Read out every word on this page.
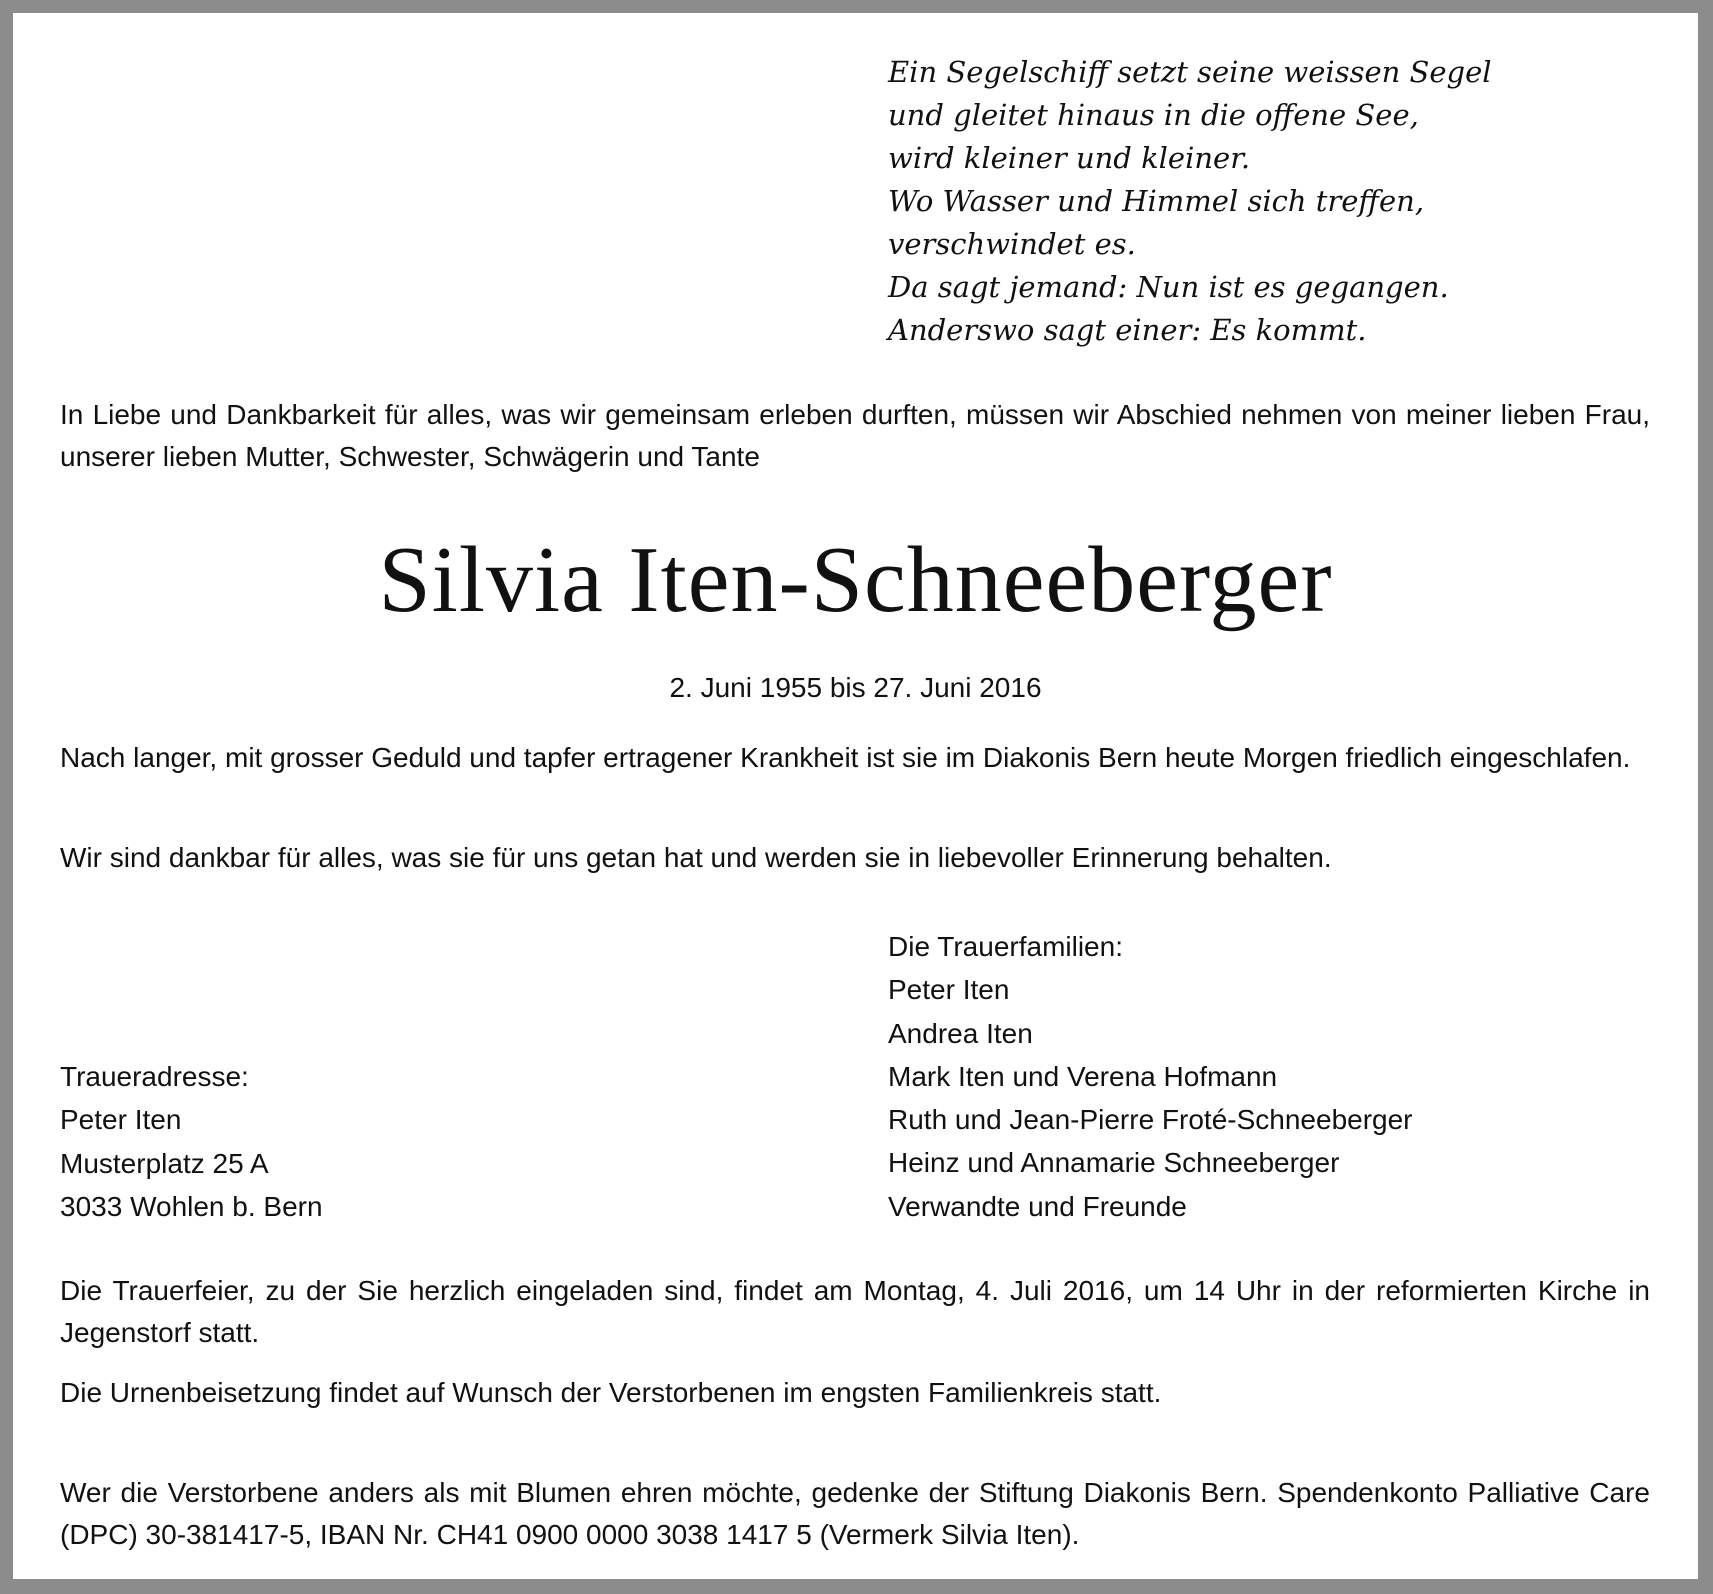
Ein Segelschiff setzt seine weissen Segel
und gleitet hinaus in die offene See,
wird kleiner und kleiner.
Wo Wasser und Himmel sich treffen,
verschwindet es.
Da sagt jemand: Nun ist es gegangen.
Anderswo sagt einer: Es kommt.

In Liebe und Dankbarkeit für alles, was wir gemeinsam erleben durften, müssen wir Abschied nehmen von meiner lieben Frau, unserer lieben Mutter, Schwester, Schwägerin und Tante

Silvia Iten-Schneeberger
2. Juni 1955 bis 27. Juni 2016

Nach langer, mit grosser Geduld und tapfer ertragener Krankheit ist sie im Diakonis Bern heute Morgen friedlich eingeschlafen.

Wir sind dankbar für alles, was sie für uns getan hat und werden sie in liebevoller Erinnerung behalten.

Die Trauerfamilien:
Peter Iten
Andrea Iten
Mark Iten und Verena Hofmann
Ruth und Jean-Pierre Froté-Schneeberger
Heinz und Annamarie Schneeberger
Verwandte und Freunde
Traueradresse:
Peter Iten
Musterplatz 25 A
3033 Wohlen b. Bern

Die Trauerfeier, zu der Sie herzlich eingeladen sind, findet am Montag, 4. Juli 2016, um 14 Uhr in der reformierten Kirche in Jegenstorf statt.

Die Urnenbeisetzung findet auf Wunsch der Verstorbenen im engsten Familienkreis statt.

Wer die Verstorbene anders als mit Blumen ehren möchte, gedenke der Stiftung Diakonis Bern. Spendenkonto Palliative Care (DPC) 30-381417-5, IBAN Nr. CH41 0900 0000 3038 1417 5 (Vermerk Silvia Iten).
